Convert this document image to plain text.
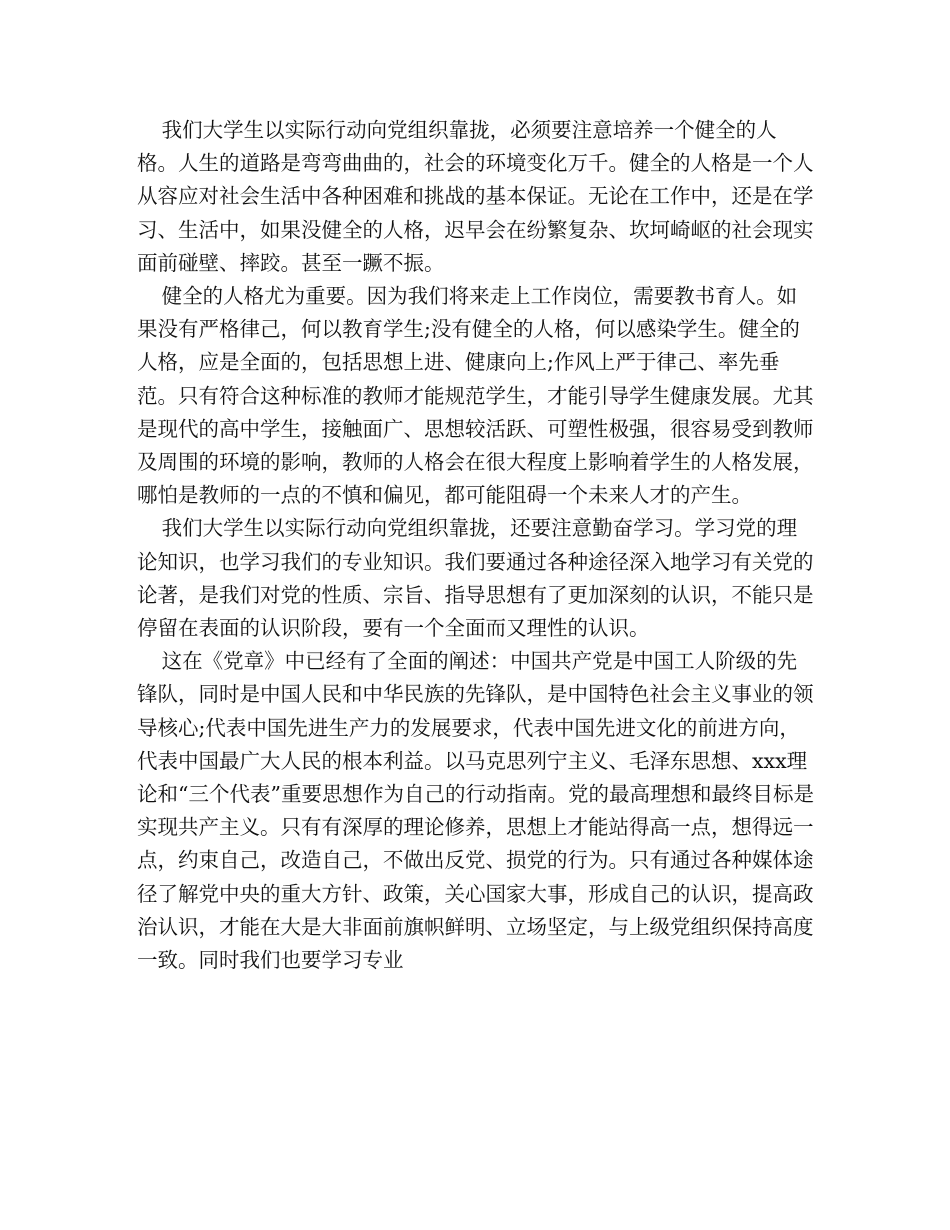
我们大学生以实际行动向党组织靠拢，必须要注意培养一个健全的人格。人生的道路是弯弯曲曲的，社会的环境变化万千。健全的人格是一个人从容应对社会生活中各种困难和挑战的基本保证。无论在工作中，还是在学习、生活中，如果没健全的人格，迟早会在纷繁复杂、坎坷崎岖的社会现实面前碰壁、摔跤。甚至一蹶不振。

健全的人格尤为重要。因为我们将来走上工作岗位，需要教书育人。如果没有严格律己，何以教育学生;没有健全的人格，何以感染学生。健全的人格，应是全面的，包括思想上进、健康向上;作风上严于律己、率先垂范。只有符合这种标准的教师才能规范学生，才能引导学生健康发展。尤其是现代的高中学生，接触面广、思想较活跃、可塑性极强，很容易受到教师及周围的环境的影响，教师的人格会在很大程度上影响着学生的人格发展，哪怕是教师的一点的不慎和偏见，都可能阻碍一个未来人才的产生。

我们大学生以实际行动向党组织靠拢，还要注意勤奋学习。学习党的理论知识，也学习我们的专业知识。我们要通过各种途径深入地学习有关党的论著，是我们对党的性质、宗旨、指导思想有了更加深刻的认识，不能只是停留在表面的认识阶段，要有一个全面而又理性的认识。

这在《党章》中已经有了全面的阐述：中国共产党是中国工人阶级的先锋队，同时是中国人民和中华民族的先锋队，是中国特色社会主义事业的领导核心;代表中国先进生产力的发展要求，代表中国先进文化的前进方向，代表中国最广大人民的根本利益。以马克思列宁主义、毛泽东思想、xxx理论和“三个代表”重要思想作为自己的行动指南。党的最高理想和最终目标是实现共产主义。只有有深厚的理论修养，思想上才能站得高一点，想得远一点，约束自己，改造自己，不做出反党、损党的行为。只有通过各种媒体途径了解党中央的重大方针、政策，关心国家大事，形成自己的认识，提高政治认识，才能在大是大非面前旗帜鲜明、立场坚定，与上级党组织保持高度一致。同时我们也要学习专业
